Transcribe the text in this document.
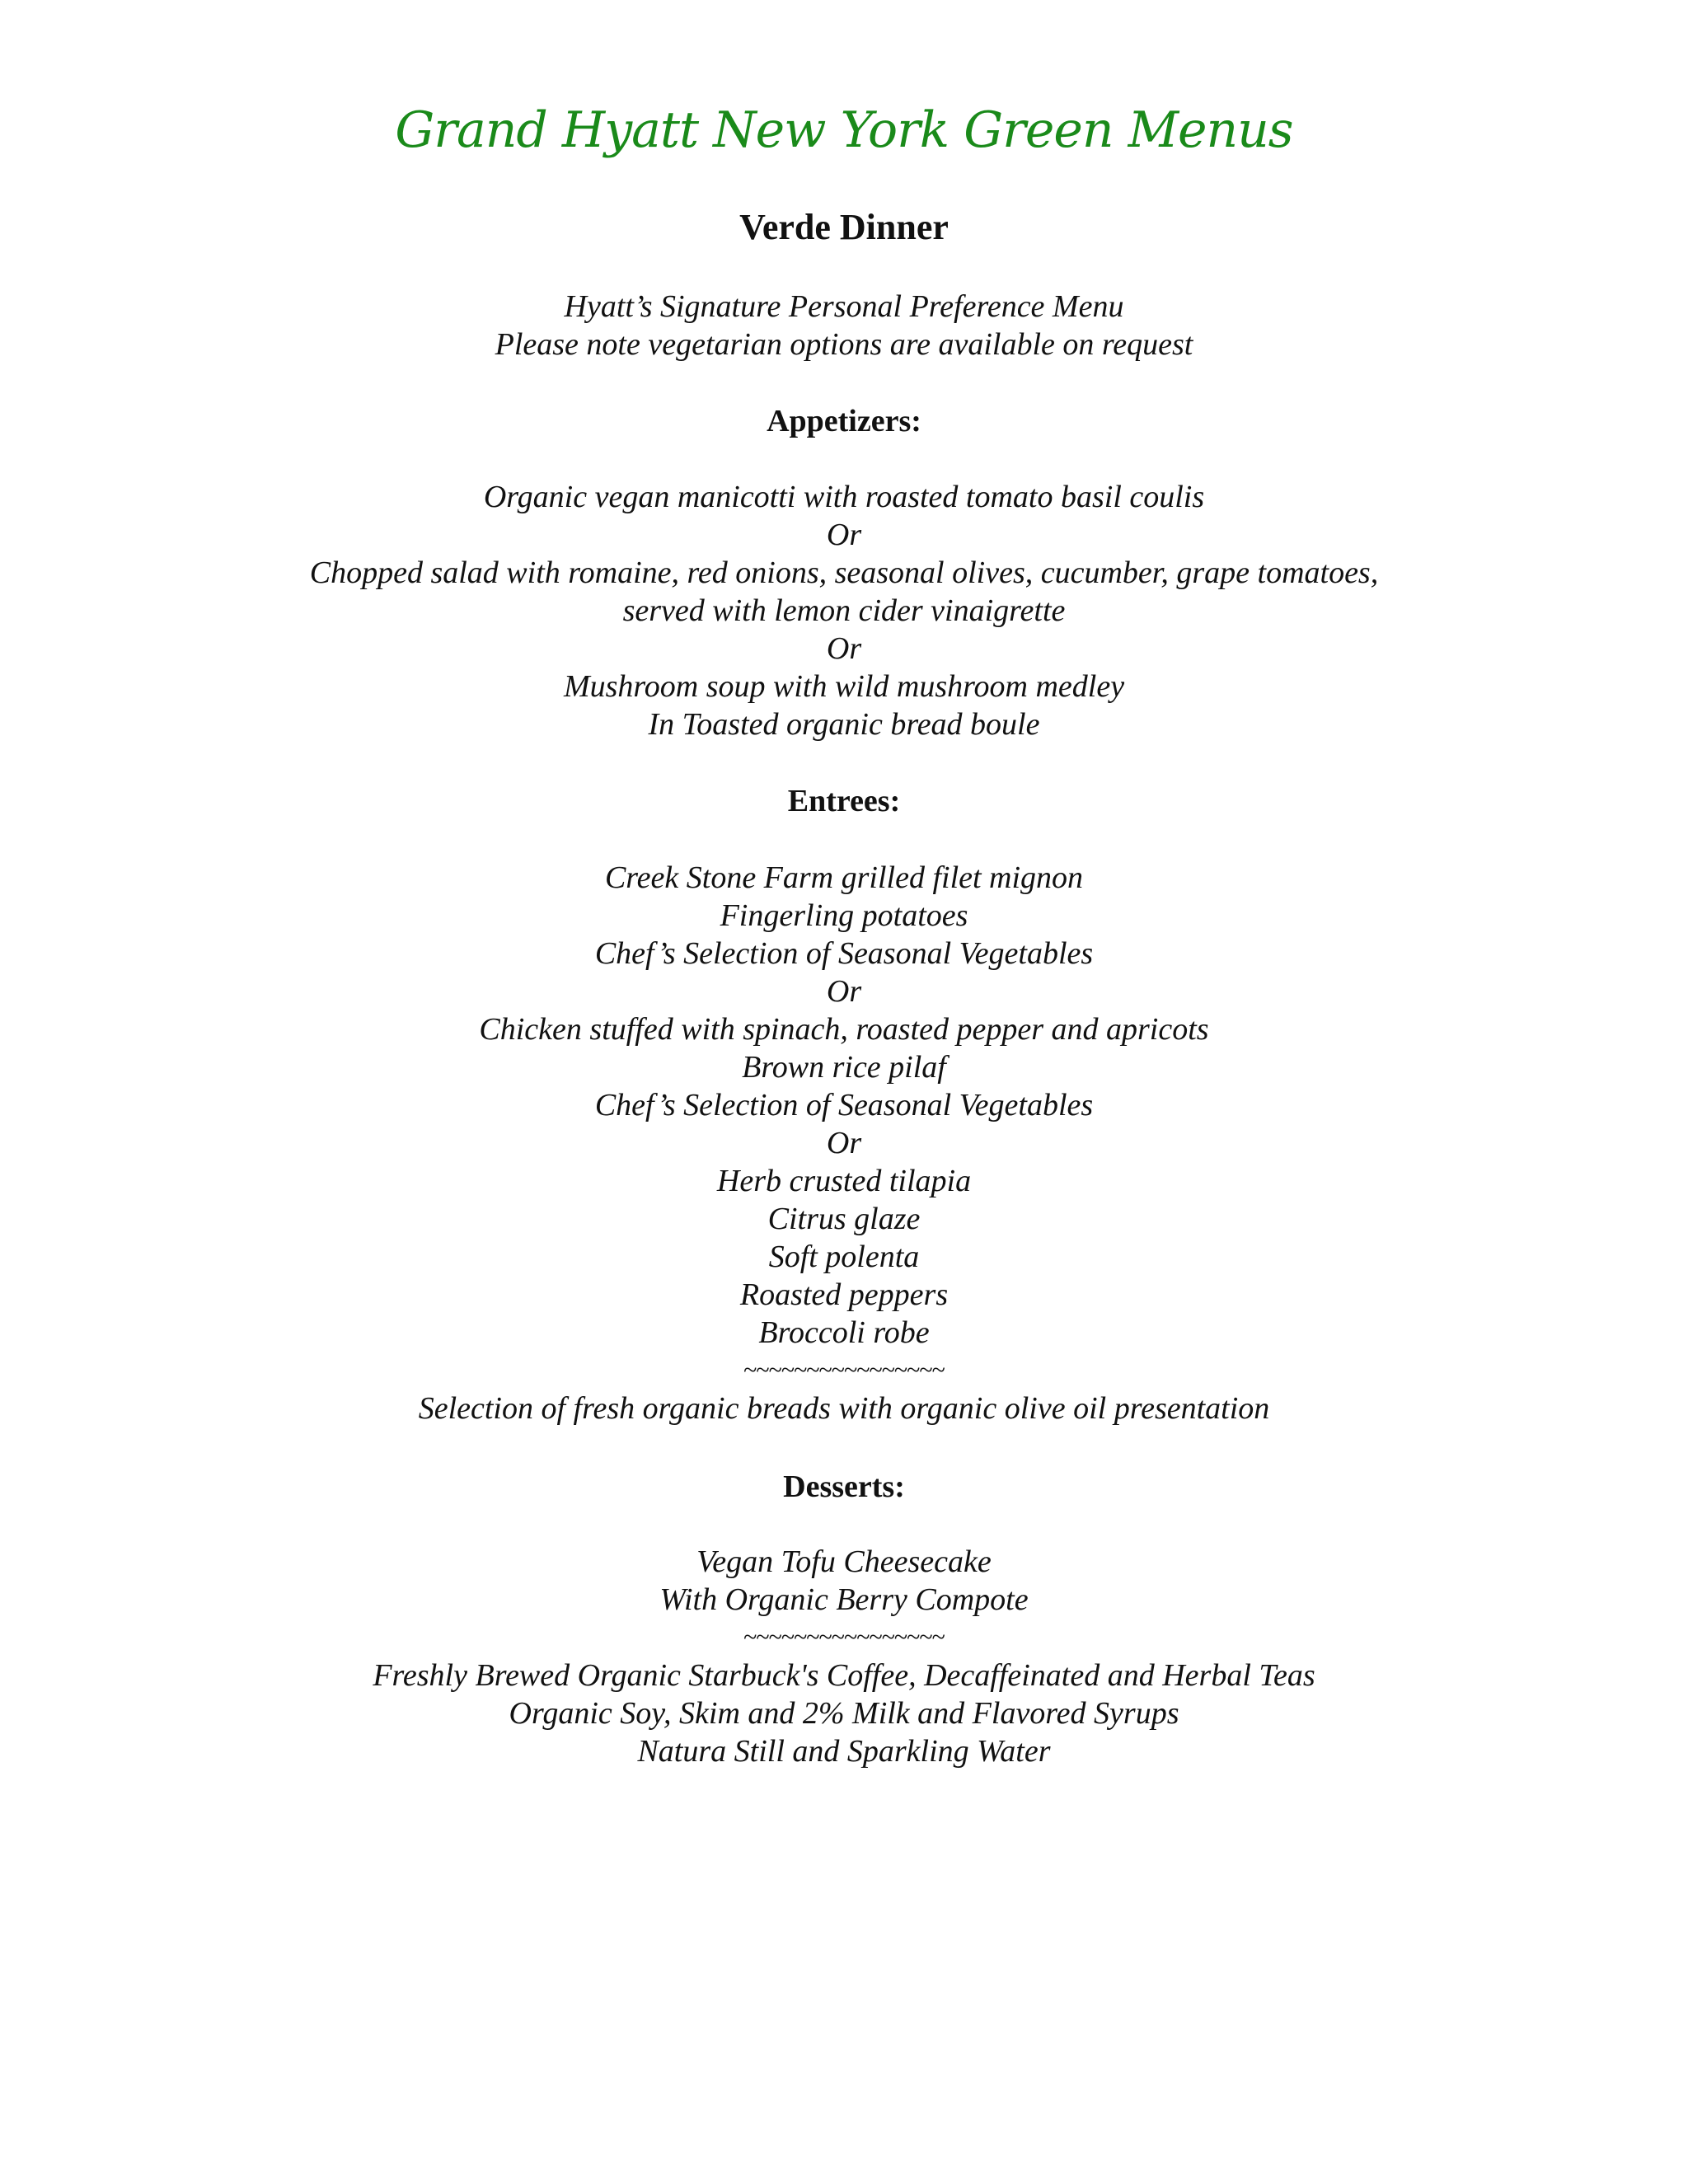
Grand Hyatt New York Green Menus
Verde Dinner
Hyatt’s Signature Personal Preference Menu
Please note vegetarian options are available on request
Appetizers:
Organic vegan manicotti with roasted tomato basil coulis
Or
Chopped salad with romaine, red onions, seasonal olives, cucumber, grape tomatoes,
served with lemon cider vinaigrette
Or
Mushroom soup with wild mushroom medley
In Toasted organic bread boule
Entrees:
Creek Stone Farm grilled filet mignon
Fingerling potatoes
Chef’s Selection of Seasonal Vegetables
Or
Chicken stuffed with spinach, roasted pepper and apricots
Brown rice pilaf
Chef’s Selection of Seasonal Vegetables
Or
Herb crusted tilapia
Citrus glaze
Soft polenta
Roasted peppers
Broccoli robe
~~~~~~~~~~~~~~~~
Selection of fresh organic breads with organic olive oil presentation
Desserts:
Vegan Tofu Cheesecake
With Organic Berry Compote
~~~~~~~~~~~~~~~~
Freshly Brewed Organic Starbuck's Coffee, Decaffeinated and Herbal Teas
Organic Soy, Skim and 2% Milk and Flavored Syrups
Natura Still and Sparkling Water
